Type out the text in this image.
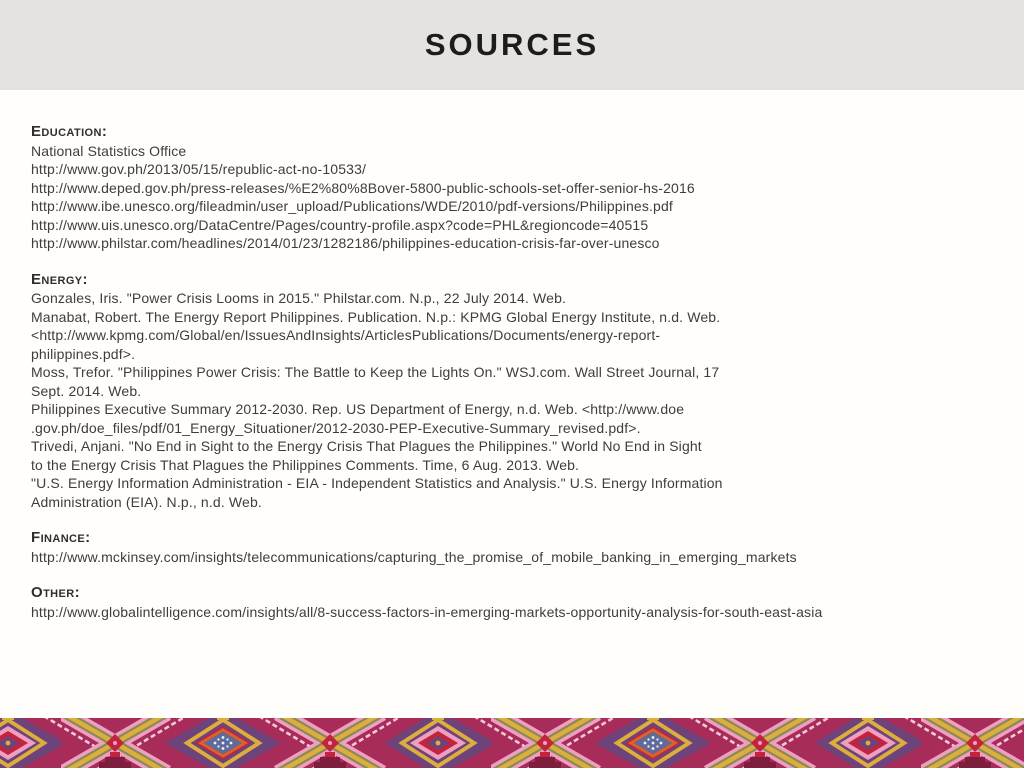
SOURCES
Education:
National Statistics Office
http://www.gov.ph/2013/05/15/republic-act-no-10533/
http://www.deped.gov.ph/press-releases/%E2%80%8Bover-5800-public-schools-set-offer-senior-hs-2016
http://www.ibe.unesco.org/fileadmin/user_upload/Publications/WDE/2010/pdf-versions/Philippines.pdf
http://www.uis.unesco.org/DataCentre/Pages/country-profile.aspx?code=PHL&regioncode=40515
http://www.philstar.com/headlines/2014/01/23/1282186/philippines-education-crisis-far-over-unesco
Energy:
Gonzales, Iris. "Power Crisis Looms in 2015." Philstar.com. N.p., 22 July 2014. Web.
Manabat, Robert. The Energy Report Philippines. Publication. N.p.: KPMG Global Energy Institute, n.d. Web.
<http://www.kpmg.com/Global/en/IssuesAndInsights/ArticlesPublications/Documents/energy-report-
philippines.pdf>.
Moss, Trefor. "Philippines Power Crisis: The Battle to Keep the Lights On." WSJ.com. Wall Street Journal, 17
Sept. 2014. Web.
Philippines Executive Summary 2012-2030. Rep. US Department of Energy, n.d. Web. <http://www.doe
.gov.ph/doe_files/pdf/01_Energy_Situationer/2012-2030-PEP-Executive-Summary_revised.pdf>.
Trivedi, Anjani. "No End in Sight to the Energy Crisis That Plagues the Philippines." World No End in Sight
to the Energy Crisis That Plagues the Philippines Comments. Time, 6 Aug. 2013. Web.
"U.S. Energy Information Administration - EIA - Independent Statistics and Analysis." U.S. Energy Information
Administration (EIA). N.p., n.d. Web.
Finance:
http://www.mckinsey.com/insights/telecommunications/capturing_the_promise_of_mobile_banking_in_emerging_markets
Other:
http://www.globalintelligence.com/insights/all/8-success-factors-in-emerging-markets-opportunity-analysis-for-south-east-asia
